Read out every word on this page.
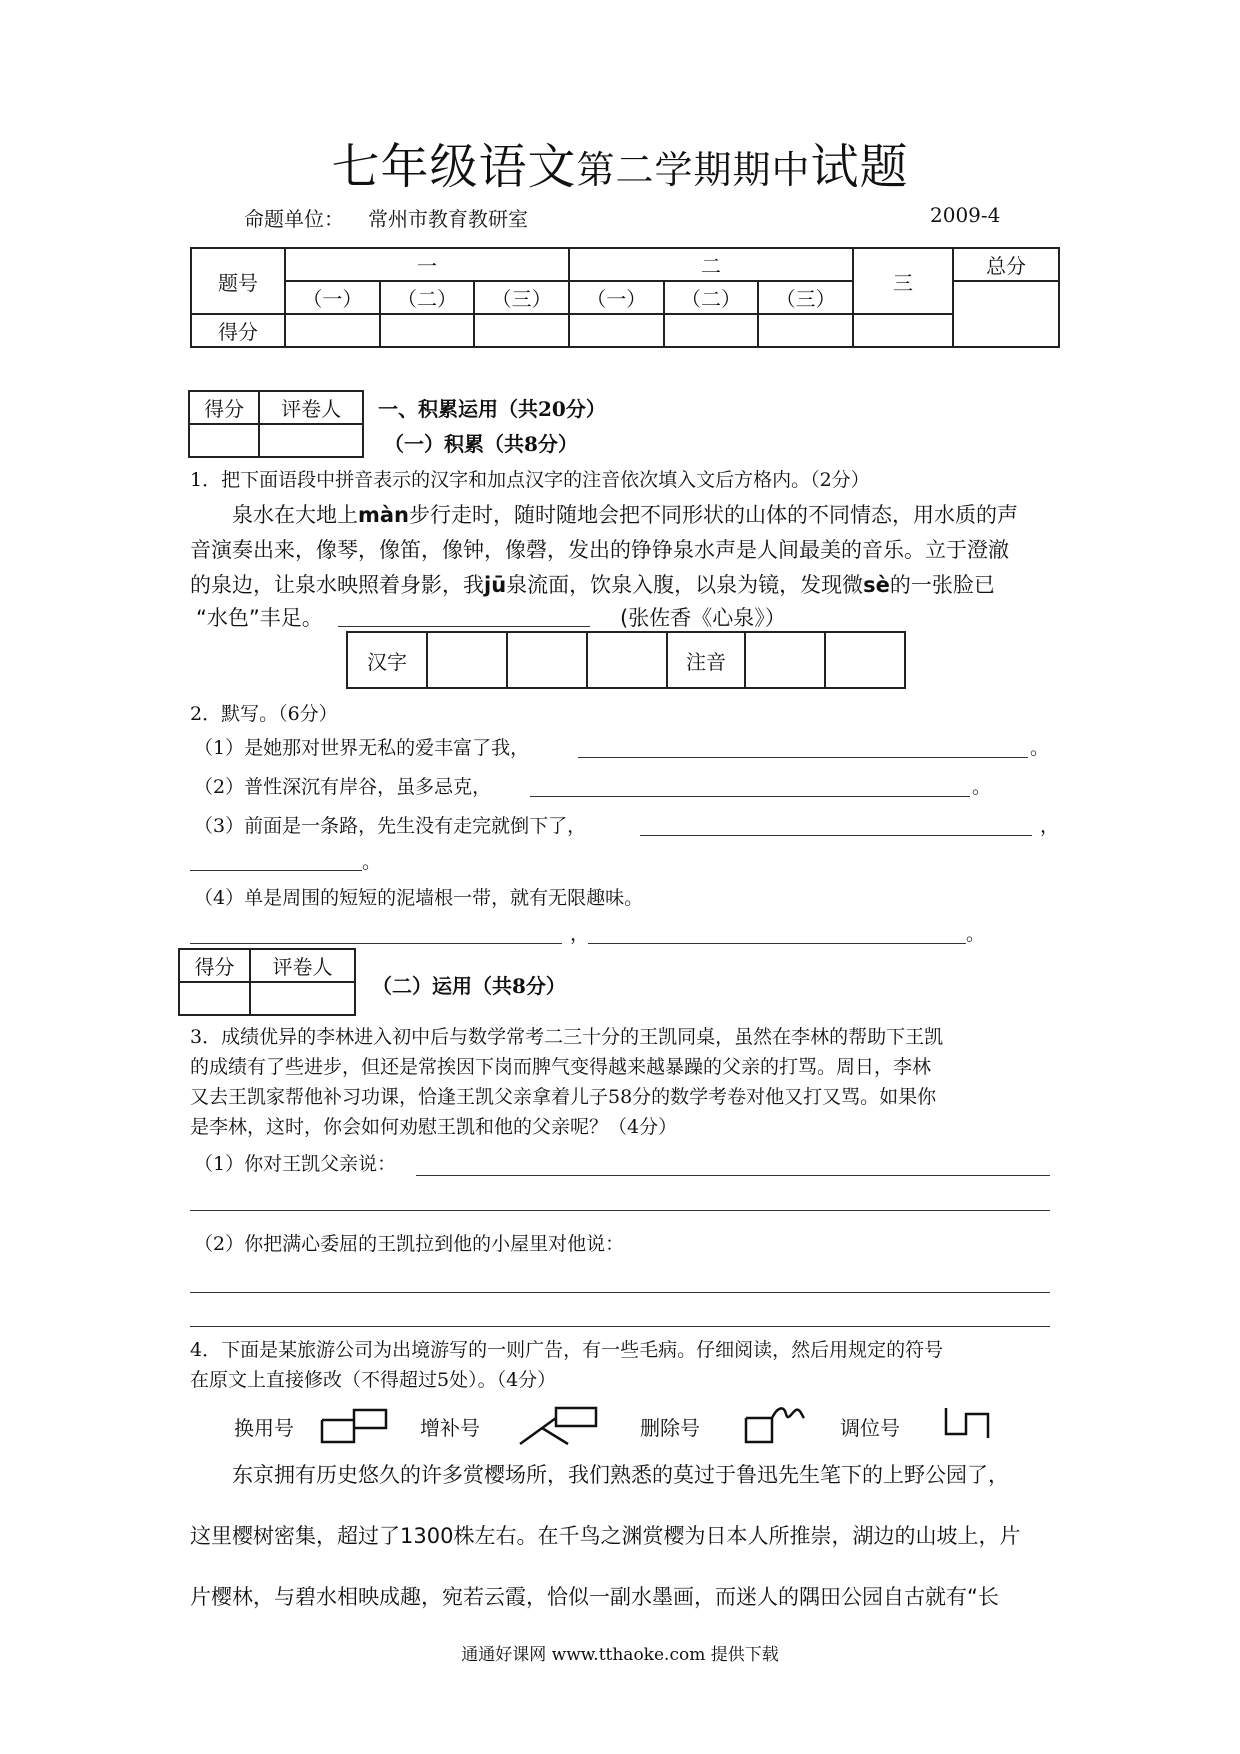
七年级语文第二学期期中试题
命题单位： 常州市教育教研室	2009-4
题号	一			二			三	总分
	（一）	（二）	（三）	（一）	（二）	（三）		
得分								
得分	评卷人
	一、积累运用（共20分）
（一）积累（共8分）
1．把下面语段中拼音表示的汉字和加点汉字的注音依次填入文后方格内。（2分）
泉水在大地上màn步行走时，随时随地会把不同形状的山体的不同情态，用水质的声
音演奏出来，像琴，像笛，像钟，像磬，发出的铮铮泉水声是人间最美的音乐。立于澄澈
的泉边，让泉水映照着身影，我jū泉流面，饮泉入腹，以泉为镜，发现微sè的一张脸已
“水色”丰足。	(张佐香《心泉》）
汉字				注音		
2．默写。（6分）
（1）是她那对世界无私的爱丰富了我，	。
（2）普性深沉有岸谷，虽多忌克，	。
（3）前面是一条路，先生没有走完就倒下了，	，
。
（4）单是周围的短短的泥墙根一带，就有无限趣味。
，	。
得分	评卷人

（二）运用（共8分）
3．成绩优异的李林进入初中后与数学常考二三十分的王凯同桌，虽然在李林的帮助下王凯
的成绩有了些进步，但还是常挨因下岗而脾气变得越来越暴躁的父亲的打骂。周日，李林
又去王凯家帮他补习功课，恰逢王凯父亲拿着儿子58分的数学考卷对他又打又骂。如果你
是李林，这时，你会如何劝慰王凯和他的父亲呢？（4分）
（1）你对王凯父亲说：
（2）你把满心委屈的王凯拉到他的小屋里对他说：
4．下面是某旅游公司为出境游写的一则广告，有一些毛病。仔细阅读，然后用规定的符号
在原文上直接修改（不得超过5处）。（4分）
换用号	增补号	删除号	调位号
东京拥有历史悠久的许多赏樱场所，我们熟悉的莫过于鲁迅先生笔下的上野公园了，
这里樱树密集，超过了1300株左右。在千鸟之渊赏樱为日本人所推崇，湖边的山坡上，片
片樱林，与碧水相映成趣，宛若云霞，恰似一副水墨画，而迷人的隅田公园自古就有“长
通通好课网 www.tthaoke.com 提供下载
